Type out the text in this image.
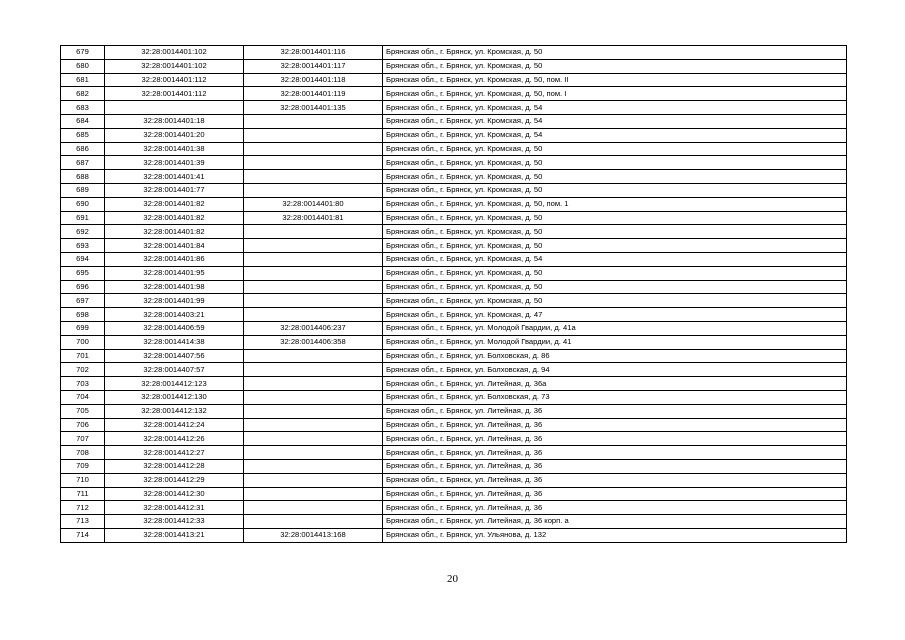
679	32:28:0014401:102	32:28:0014401:116	Брянская обл., г. Брянск, ул. Кромская, д. 50
680	32:28:0014401:102	32:28:0014401:117	Брянская обл., г. Брянск, ул. Кромская, д. 50
681	32:28:0014401:112	32:28:0014401:118	Брянская обл., г. Брянск, ул. Кромская, д. 50, пом. II
682	32:28:0014401:112	32:28:0014401:119	Брянская обл., г. Брянск, ул. Кромская, д. 50, пом. I
683		32:28:0014401:135	Брянская обл., г. Брянск, ул. Кромская, д. 54
684	32:28:0014401:18		Брянская обл., г. Брянск, ул. Кромская, д. 54
685	32:28:0014401:20		Брянская обл., г. Брянск, ул. Кромская, д. 54
686	32:28:0014401:38		Брянская обл., г. Брянск, ул. Кромская, д. 50
687	32:28:0014401:39		Брянская обл., г. Брянск, ул. Кромская, д. 50
688	32:28:0014401:41		Брянская обл., г. Брянск, ул. Кромская, д. 50
689	32:28:0014401:77		Брянская обл., г. Брянск, ул. Кромская, д. 50
690	32:28:0014401:82	32:28:0014401:80	Брянская обл., г. Брянск, ул. Кромская, д. 50, пом. 1
691	32:28:0014401:82	32:28:0014401:81	Брянская обл., г. Брянск, ул. Кромская, д. 50
692	32:28:0014401:82		Брянская обл., г. Брянск, ул. Кромская, д. 50
693	32:28:0014401:84		Брянская обл., г. Брянск, ул. Кромская, д. 50
694	32:28:0014401:86		Брянская обл., г. Брянск, ул. Кромская, д. 54
695	32:28:0014401:95		Брянская обл., г. Брянск, ул. Кромская, д. 50
696	32:28:0014401:98		Брянская обл., г. Брянск, ул. Кромская, д. 50
697	32:28:0014401:99		Брянская обл., г. Брянск, ул. Кромская, д. 50
698	32:28:0014403:21		Брянская обл., г. Брянск, ул. Кромская, д. 47
699	32:28:0014406:59	32:28:0014406:237	Брянская обл., г. Брянск, ул. Молодой Гвардии, д. 41а
700	32:28:0014414:38	32:28:0014406:358	Брянская обл., г. Брянск, ул. Молодой Гвардии, д. 41
701	32:28:0014407:56		Брянская обл., г. Брянск, ул. Болховская, д. 86
702	32:28:0014407:57		Брянская обл., г. Брянск, ул. Болховская, д. 94
703	32:28:0014412:123		Брянская обл., г. Брянск, ул. Литейная, д. 36а
704	32:28:0014412:130		Брянская обл., г. Брянск, ул. Болховская, д. 73
705	32:28:0014412:132		Брянская обл., г. Брянск, ул. Литейная, д. 36
706	32:28:0014412:24		Брянская обл., г. Брянск, ул. Литейная, д. 36
707	32:28:0014412:26		Брянская обл., г. Брянск, ул. Литейная, д. 36
708	32:28:0014412:27		Брянская обл., г. Брянск, ул. Литейная, д. 36
709	32:28:0014412:28		Брянская обл., г. Брянск, ул. Литейная, д. 36
710	32:28:0014412:29		Брянская обл., г. Брянск, ул. Литейная, д. 36
711	32:28:0014412:30		Брянская обл., г. Брянск, ул. Литейная, д. 36
712	32:28:0014412:31		Брянская обл., г. Брянск, ул. Литейная, д. 36
713	32:28:0014412:33		Брянская обл., г. Брянск, ул. Литейная, д. 36 корп. а
714	32:28:0014413:21	32:28:0014413:168	Брянская обл., г. Брянск, ул. Ульянова, д. 132
20
